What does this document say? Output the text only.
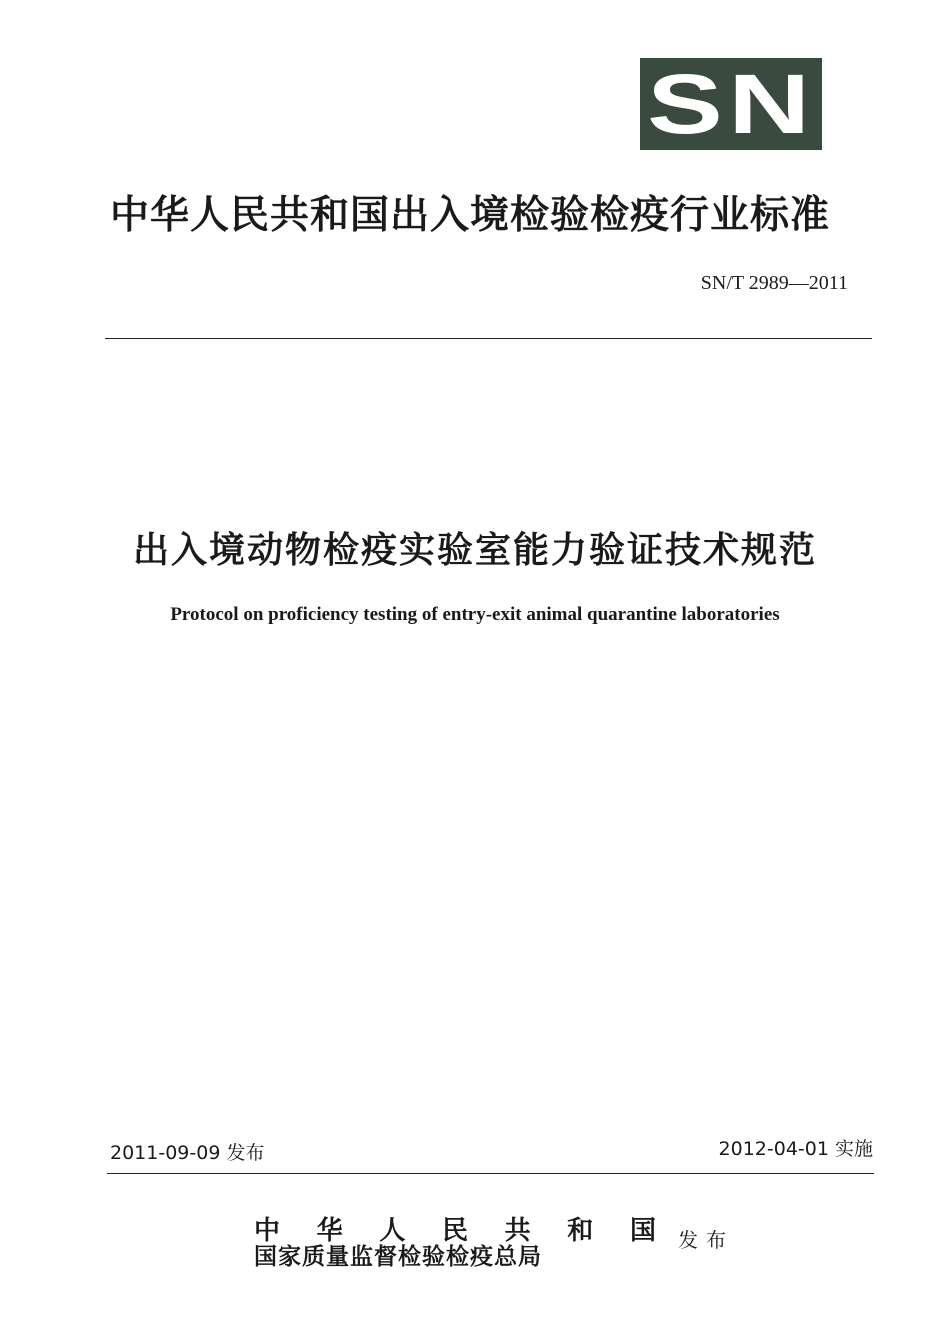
SN
中华人民共和国出入境检验检疫行业标准
SN/T 2989—2011
出入境动物检疫实验室能力验证技术规范
Protocol on proficiency testing of entry-exit animal quarantine laboratories
2011-09-09 发布	2012-04-01 实施
中 华 人 民 共 和 国
国家质量监督检验检疫总局
发布
